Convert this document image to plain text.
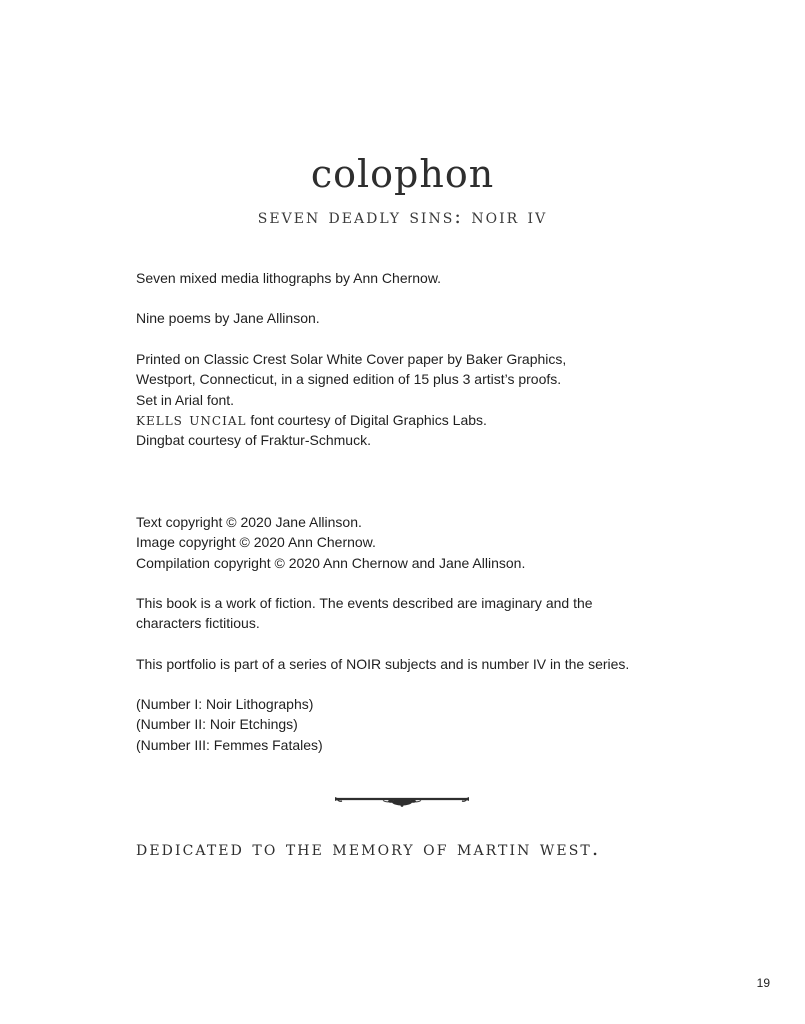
colophon
seven deadly sins: noir iv

Seven mixed media lithographs by Ann Chernow.

Nine poems by Jane Allinson.

Printed on Classic Crest Solar White Cover paper by Baker Graphics,
Westport, Connecticut, in a signed edition of 15 plus 3 artist’s proofs.
Set in Arial font.
kells uncial font courtesy of Digital Graphics Labs.
Dingbat courtesy of Fraktur-Schmuck.
Text copyright © 2020 Jane Allinson.
Image copyright © 2020 Ann Chernow.
Compilation copyright © 2020 Ann Chernow and Jane Allinson.
This book is a work of fiction. The events described are imaginary and the
characters fictitious.

This portfolio is part of a series of NOIR subjects and is number IV in the series.

(Number I: Noir Lithographs)
(Number II: Noir Etchings)
(Number III: Femmes Fatales)

dedicated to the memory of martin west.

19
